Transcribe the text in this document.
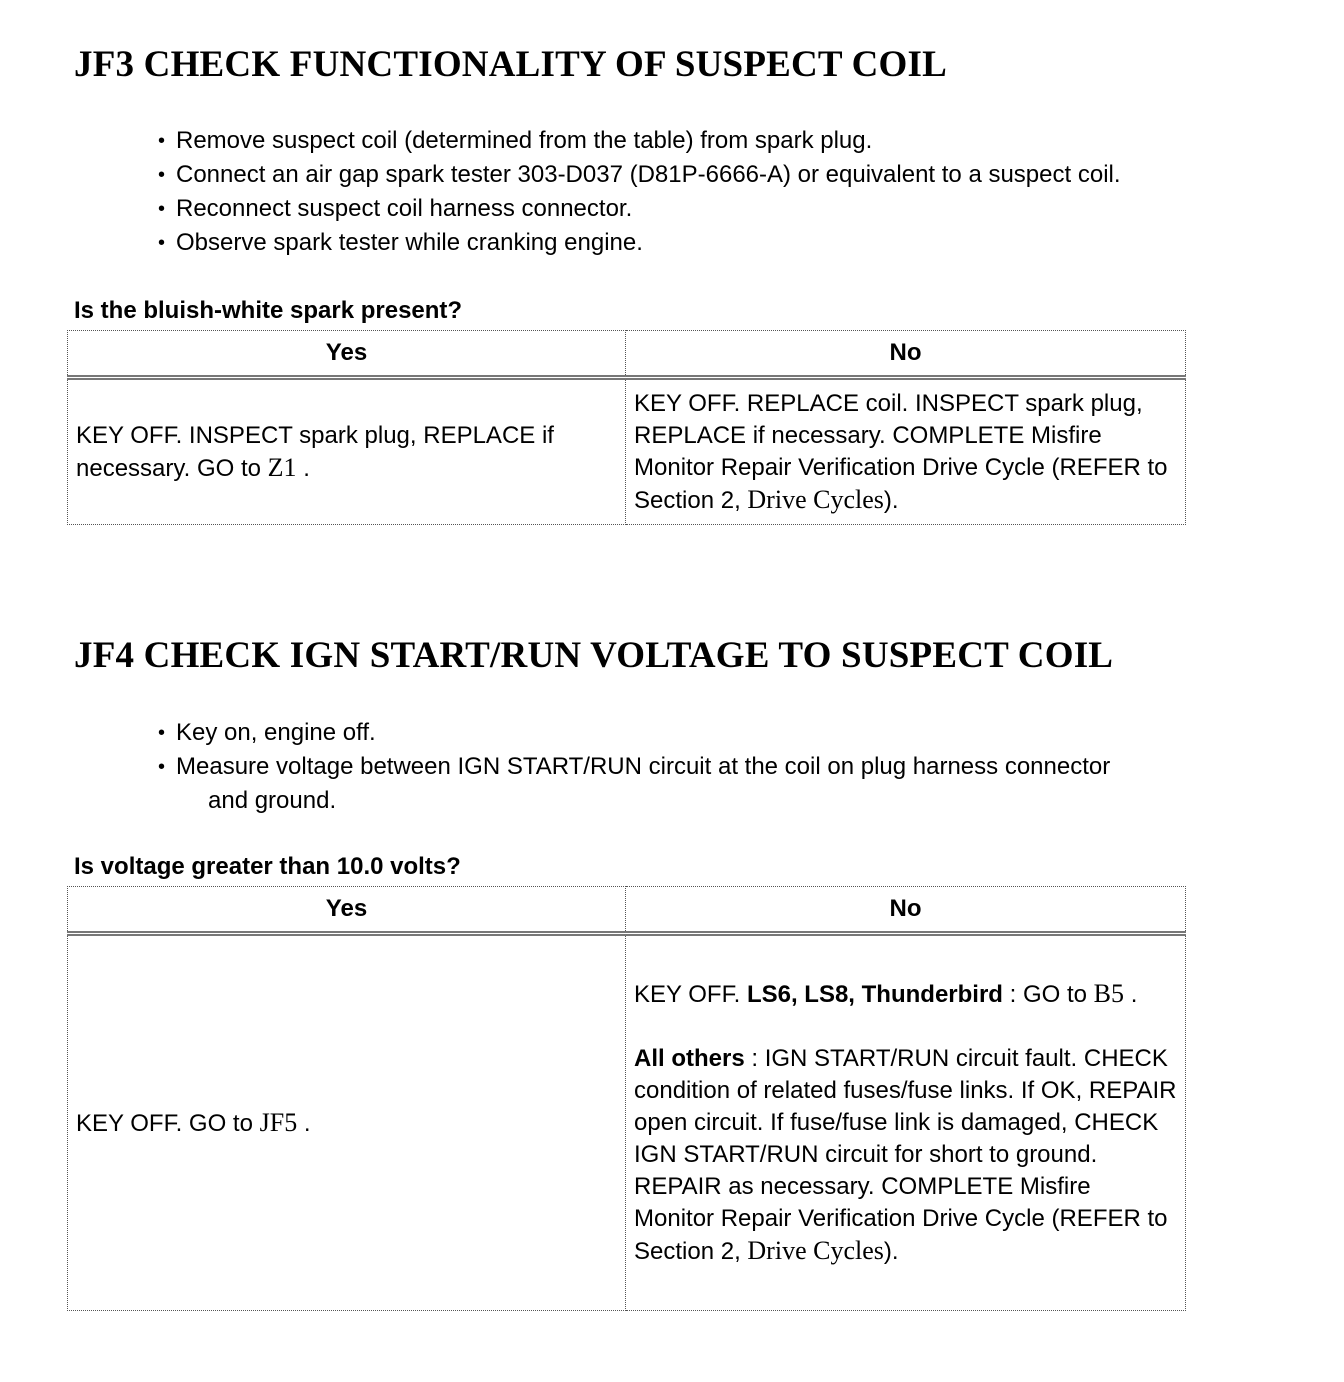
JF3 CHECK FUNCTIONALITY OF SUSPECT COIL
• Remove suspect coil (determined from the table) from spark plug.
• Connect an air gap spark tester 303-D037 (D81P-6666-A) or equivalent to a suspect coil.
• Reconnect suspect coil harness connector.
• Observe spark tester while cranking engine.
Is the bluish-white spark present?
Yes	No
KEY OFF. INSPECT spark plug, REPLACE if necessary. GO to Z1 .	KEY OFF. REPLACE coil. INSPECT spark plug, REPLACE if necessary. COMPLETE Misfire Monitor Repair Verification Drive Cycle (REFER to Section 2, Drive Cycles).
JF4 CHECK IGN START/RUN VOLTAGE TO SUSPECT COIL
• Key on, engine off.
• Measure voltage between IGN START/RUN circuit at the coil on plug harness connector
and ground.
Is voltage greater than 10.0 volts?
Yes	No
KEY OFF. GO to JF5 .	KEY OFF. LS6, LS8, Thunderbird : GO to B5 .
All others : IGN START/RUN circuit fault. CHECK condition of related fuses/fuse links. If OK, REPAIR open circuit. If fuse/fuse link is damaged, CHECK IGN START/RUN circuit for short to ground. REPAIR as necessary. COMPLETE Misfire Monitor Repair Verification Drive Cycle (REFER to Section 2, Drive Cycles).
